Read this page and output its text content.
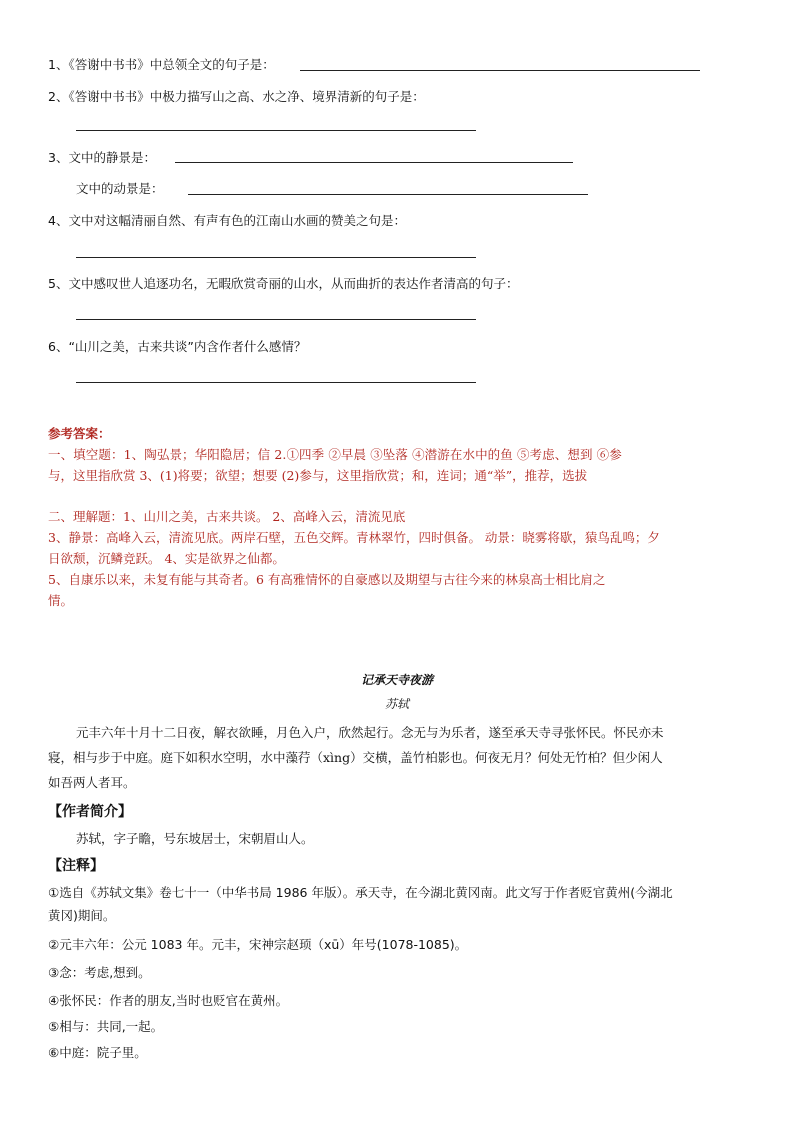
1、《答谢中书书》中总领全文的句子是：
2、《答谢中书书》中极力描写山之高、水之净、境界清新的句子是：
3、文中的静景是：
文中的动景是：
4、文中对这幅清丽自然、有声有色的江南山水画的赞美之句是：
5、文中感叹世人追逐功名，无暇欣赏奇丽的山水，从而曲折的表达作者清高的句子：
6、“山川之美，古来共谈”内含作者什么感情？
参考答案：
一、填空题：1、陶弘景；华阳隐居；信 2.①四季 ②早晨 ③坠落 ④潜游在水中的鱼 ⑤考虑、想到 ⑥参
与，这里指欣赏 3、(1)将要；欲望；想要 (2)参与，这里指欣赏；和，连词；通“举”，推荐，选拔
二、理解题：1、山川之美，古来共谈。 2、高峰入云，清流见底
3、静景：高峰入云，清流见底。两岸石壁，五色交辉。青林翠竹，四时俱备。 动景：晓雾将歇，猿鸟乱鸣；夕
日欲颓，沉鳞竞跃。 4、实是欲界之仙都。
5、自康乐以来，未复有能与其奇者。6 有高雅情怀的自豪感以及期望与古往今来的林泉高士相比肩之
情。
记承天寺夜游
苏轼
元丰六年十月十二日夜，解衣欲睡，月色入户，欣然起行。念无与为乐者，遂至承天寺寻张怀民。怀民亦未
寝，相与步于中庭。庭下如积水空明，水中藻荇（xìng）交横，盖竹柏影也。何夜无月？何处无竹柏？但少闲人
如吾两人者耳。
【作者简介】
苏轼，字子瞻，号东坡居士，宋朝眉山人。
【注释】
①选自《苏轼文集》卷七十一（中华书局 1986 年版）。承天寺，在今湖北黄冈南。此文写于作者贬官黄州(今湖北
黄冈)期间。
②元丰六年：公元 1083 年。元丰，宋神宗赵顼（xū）年号(1078-1085)。
③念：考虑,想到。
④张怀民：作者的朋友,当时也贬官在黄州。
⑤相与：共同,一起。
⑥中庭：院子里。
